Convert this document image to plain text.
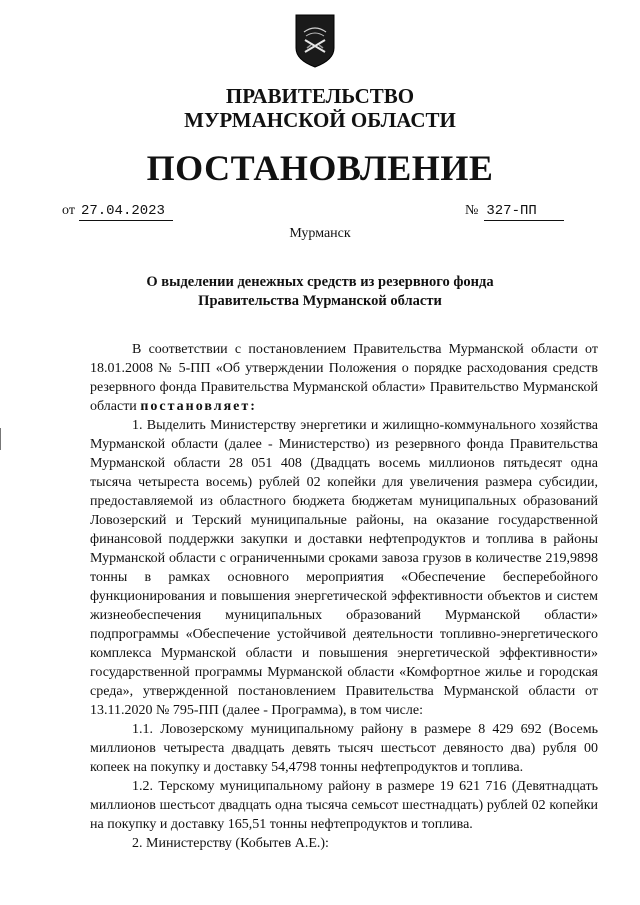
ПРАВИТЕЛЬСТВО
МУРМАНСКОЙ ОБЛАСТИ
ПОСТАНОВЛЕНИЕ
от 27.04.2023	№ 327-ПП
Мурманск
О выделении денежных средств из резервного фонда
Правительства Мурманской области

В соответствии с постановлением Правительства Мурманской области от 18.01.2008 № 5-ПП «Об утверждении Положения о порядке расходования средств резервного фонда Правительства Мурманской области» Правительство Мурманской области постановляет:

1. Выделить Министерству энергетики и жилищно-коммунального хозяйства Мурманской области (далее - Министерство) из резервного фонда Правительства Мурманской области 28 051 408 (Двадцать восемь миллионов пятьдесят одна тысяча четыреста восемь) рублей 02 копейки для увеличения размера субсидии, предоставляемой из областного бюджета бюджетам муниципальных образований Ловозерский и Терский муниципальные районы, на оказание государственной финансовой поддержки закупки и доставки нефтепродуктов и топлива в районы Мурманской области с ограниченными сроками завоза грузов в количестве 219,9898 тонны в рамках основного мероприятия «Обеспечение бесперебойного функционирования и повышения энергетической эффективности объектов и систем жизнеобеспечения муниципальных образований Мурманской области» подпрограммы «Обеспечение устойчивой деятельности топливно-энергетического комплекса Мурманской области и повышения энергетической эффективности» государственной программы Мурманской области «Комфортное жилье и городская среда», утвержденной постановлением Правительства Мурманской области от 13.11.2020 № 795-ПП (далее - Программа), в том числе:

1.1. Ловозерскому муниципальному району в размере 8 429 692 (Восемь миллионов четыреста двадцать девять тысяч шестьсот девяносто два) рубля 00 копеек на покупку и доставку 54,4798 тонны нефтепродуктов и топлива.

1.2. Терскому муниципальному району в размере 19 621 716 (Девятнадцать миллионов шестьсот двадцать одна тысяча семьсот шестнадцать) рублей 02 копейки на покупку и доставку 165,51 тонны нефтепродуктов и топлива.

2. Министерству (Кобытев А.Е.):
